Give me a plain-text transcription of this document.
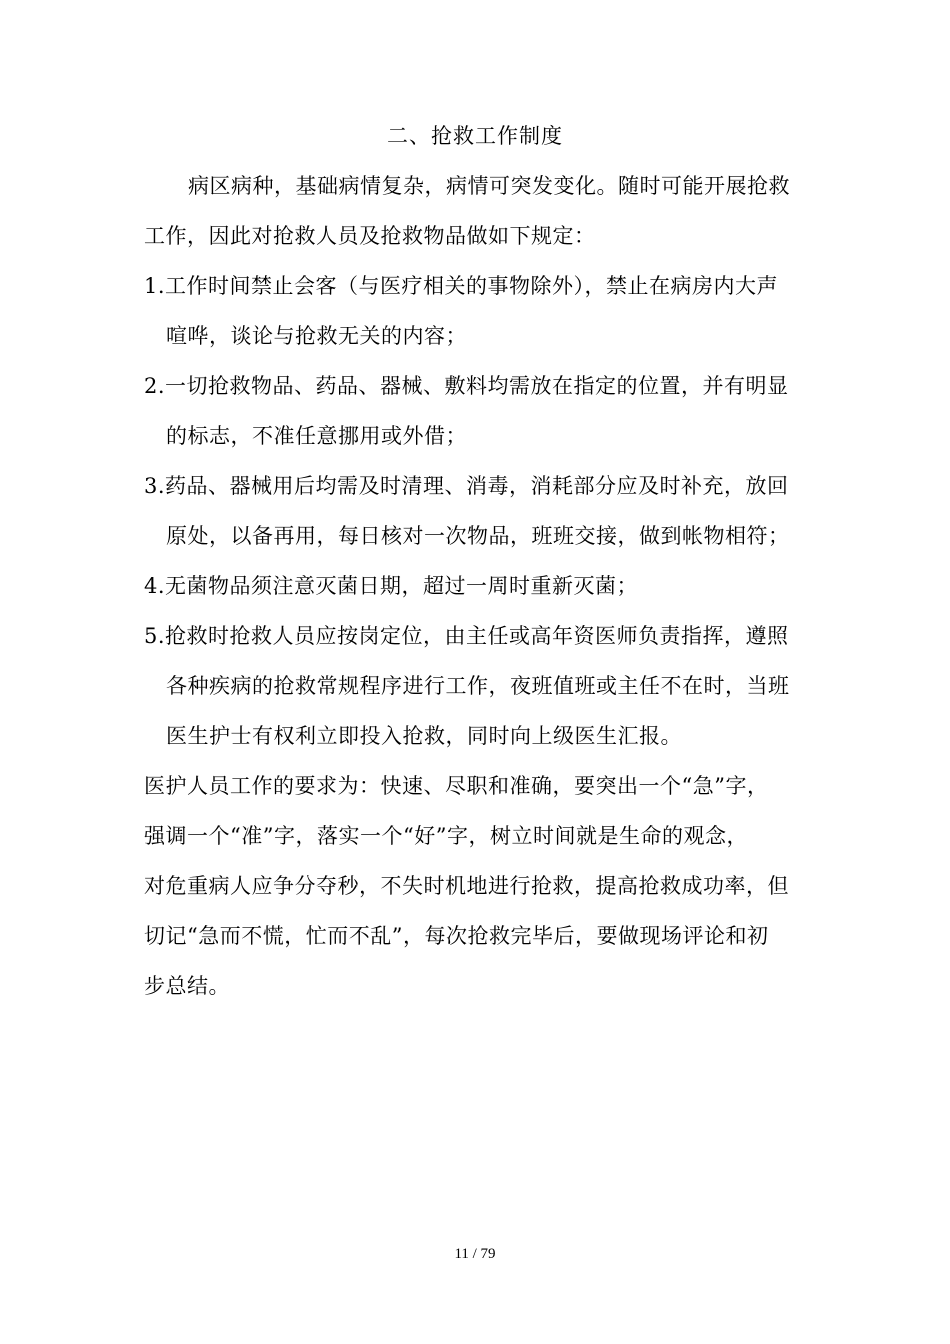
二、抢救工作制度
病区病种，基础病情复杂，病情可突发变化。随时可能开展抢救
工作，因此对抢救人员及抢救物品做如下规定：
1.工作时间禁止会客（与医疗相关的事物除外），禁止在病房内大声
喧哗，谈论与抢救无关的内容；
2.一切抢救物品、药品、器械、敷料均需放在指定的位置，并有明显
的标志，不准任意挪用或外借；
3.药品、器械用后均需及时清理、消毒，消耗部分应及时补充，放回
原处，以备再用，每日核对一次物品，班班交接，做到帐物相符；
4.无菌物品须注意灭菌日期，超过一周时重新灭菌；
5.抢救时抢救人员应按岗定位，由主任或高年资医师负责指挥，遵照
各种疾病的抢救常规程序进行工作，夜班值班或主任不在时，当班
医生护士有权利立即投入抢救，同时向上级医生汇报。
医护人员工作的要求为：快速、尽职和准确，要突出一个“急”字，
强调一个“准”字，落实一个“好”字，树立时间就是生命的观念，
对危重病人应争分夺秒，不失时机地进行抢救，提高抢救成功率，但
切记“急而不慌，忙而不乱”，每次抢救完毕后，要做现场评论和初
步总结。
11 / 79
